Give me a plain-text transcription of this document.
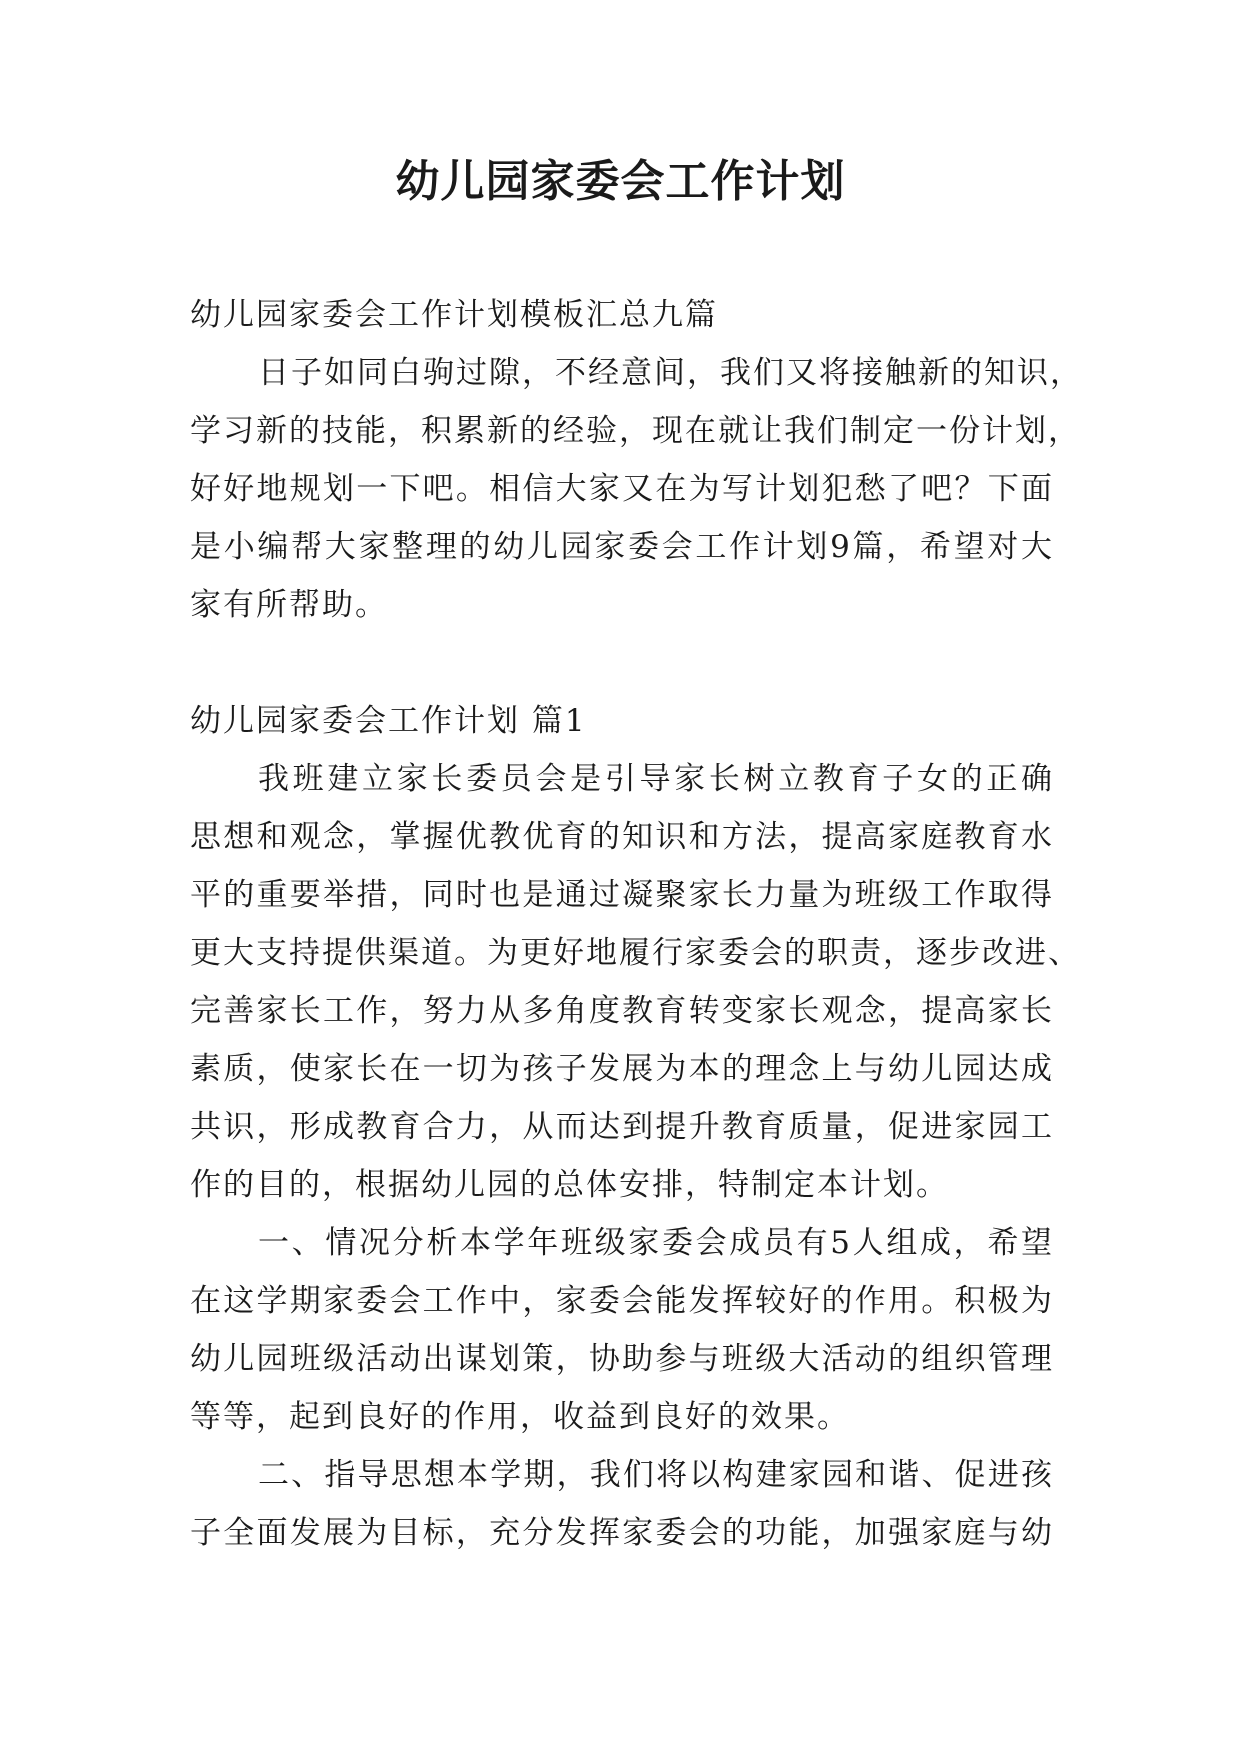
幼儿园家委会工作计划
幼儿园家委会工作计划模板汇总九篇
日子如同白驹过隙，不经意间，我们又将接触新的知识，
学习新的技能，积累新的经验，现在就让我们制定一份计划，
好好地规划一下吧。相信大家又在为写计划犯愁了吧？下面
是小编帮大家整理的幼儿园家委会工作计划9篇，希望对大
家有所帮助。
幼儿园家委会工作计划 篇1
我班建立家长委员会是引导家长树立教育子女的正确
思想和观念，掌握优教优育的知识和方法，提高家庭教育水
平的重要举措，同时也是通过凝聚家长力量为班级工作取得
更大支持提供渠道。为更好地履行家委会的职责，逐步改进、
完善家长工作，努力从多角度教育转变家长观念，提高家长
素质，使家长在一切为孩子发展为本的理念上与幼儿园达成
共识，形成教育合力，从而达到提升教育质量，促进家园工
作的目的，根据幼儿园的总体安排，特制定本计划。
一、情况分析本学年班级家委会成员有5人组成，希望
在这学期家委会工作中，家委会能发挥较好的作用。积极为
幼儿园班级活动出谋划策，协助参与班级大活动的组织管理
等等，起到良好的作用，收益到良好的效果。
二、指导思想本学期，我们将以构建家园和谐、促进孩
子全面发展为目标，充分发挥家委会的功能，加强家庭与幼
